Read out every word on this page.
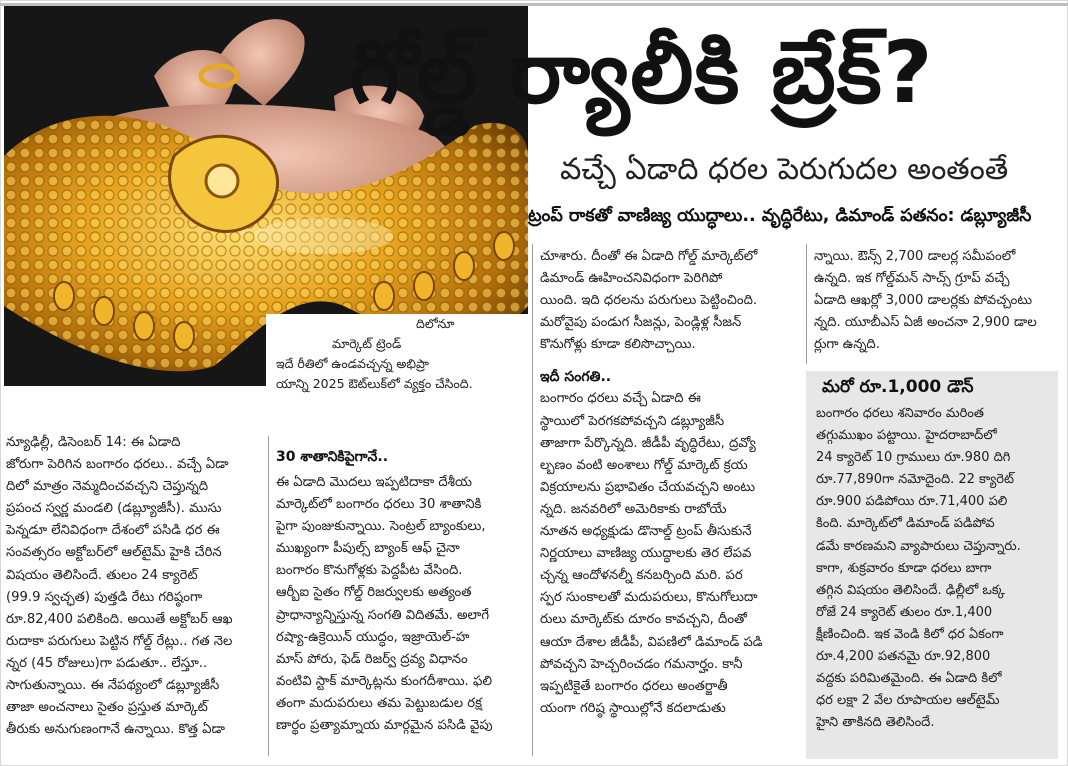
దిలోనూ
మార్కెట్ ట్రెండ్
ఇదే రీతిలో ఉండవచ్చన్న అభిప్రా
యాన్ని 2025 ఔట్‌లుక్‌లో వ్యక్తం చేసింది.
గోల్డ్ ర్యాలీకి బ్రేక్?
వచ్చే ఏడాది ధరల పెరుగుదల అంతంతే
ట్రంప్ రాకతో వాణిజ్య యుద్ధాలు.. వృద్ధిరేటు, డిమాండ్ పతనం: డబ్ల్యూజీసీ
న్యూఢిల్లీ, డిసెంబర్ 14: ఈ ఏడాది
జోరుగా పెరిగిన బంగారం ధరలు.. వచ్చే ఏడా
దిలో మాత్రం నెమ్మదించవచ్చని చెప్తున్నది
ప్రపంచ స్వర్ణ మండలి (డబ్ల్యూజీసీ). ముసు
పెన్నడూ లేనివిధంగా దేశంలో పసిడి ధర ఈ
సంవత్సరం అక్టోబర్‌లో ఆల్‌టైమ్ హైకి చేరిన
విషయం తెలిసిందే. తులం 24 క్యారెట్
(99.9 స్వచ్ఛత) పుత్తడి రేటు గరిష్ఠంగా
రూ.82,400 పలికింది. అయితే అక్టోబర్ ఆఖ
రుదాకా పరుగులు పెట్టిన గోల్డ్ రేట్లు.. గత నెల
న్నర (45 రోజులు)గా పడుతూ.. లేస్తూ..
సాగుతున్నాయి. ఈ నేపథ్యంలో డబ్ల్యూజీసీ
తాజా అంచనాలు సైతం ప్రస్తుత మార్కెట్
తీరుకు అనుగుణంగానే ఉన్నాయి. కొత్త ఏడా
30 శాతానికిపైగానే..
ఈ ఏడాది మొదలు ఇప్పటిదాకా దేశీయ
మార్కెట్‌లో బంగారం ధరలు 30 శాతానికి
పైగా పుంజుకున్నాయి. సెంట్రల్ బ్యాంకులు,
ముఖ్యంగా పీపుల్స్ బ్యాంక్ ఆఫ్ చైనా
బంగారం కొనుగోళ్లకు పెద్దపీట వేసింది.
ఆర్బీఐ సైతం గోల్డ్ రిజర్వులకు అత్యంత
ప్రాధాన్యాన్నిస్తున్న సంగతి విదితమే. అలాగే
రష్యా-ఉక్రెయిన్ యుద్ధం, ఇజ్రాయెల్-హ
మాస్ పోరు, ఫెడ్ రిజర్వ్ ద్రవ్య విధానం
వంటివి స్టాక్ మార్కెట్లను కుంగదీశాయి. ఫలి
తంగా మదుపరులు తమ పెట్టుబడుల రక్ష
ణార్థం ప్రత్యామ్నాయ మార్గమైన పసిడి వైపు
చూశారు. దీంతో ఈ ఏడాది గోల్డ్ మార్కెట్‌లో
డిమాండ్ ఊహించనివిధంగా పెరిగిపో
యింది. ఇది ధరలను పరుగులు పెట్టించింది.
మరోవైపు పండుగ సీజన్లు, పెండ్లిళ్ల సీజన్
కొనుగోళ్లు కూడా కలిసొచ్చాయి.
ఇదీ సంగతి..
బంగారం ధరలు వచ్చే ఏడాది ఈ
స్థాయిలో పెరగకపోవచ్చని డబ్ల్యూజీసీ
తాజాగా పేర్కొన్నది. జీడీపీ వృద్ధిరేటు, ద్రవ్యో
ల్బణం వంటి అంశాలు గోల్డ్ మార్కెట్ క్రయ
విక్రయాలను ప్రభావితం చేయవచ్చని అంటు
న్నది. జనవరిలో అమెరికాకు రాబోయే
నూతన అధ్యక్షుడు డొనాల్డ్ ట్రంప్ తీసుకునే
నిర్ణయాలు వాణిజ్య యుద్ధాలకు తెర లేపవ
చ్చన్న ఆందోళనల్నీ కనబర్చింది మరి. పర
స్పర సుంకాలతో మదుపరులు, కొనుగోలుదా
రులు మార్కెట్‌కు దూరం కావచ్చని, దీంతో
ఆయా దేశాల జీడీపీ, విపణిలో డిమాండ్ పడి
పోవచ్చని హెచ్చరించడం గమనార్హం. కానీ
ఇప్పటికైతే బంగారం ధరలు అంతర్జాతీ
యంగా గరిష్ఠ స్థాయిల్లోనే కదలాడుతు
న్నాయి. ఔన్స్ 2,700 డాలర్ల సమీపంలో
ఉన్నది. ఇక గోల్డ్‌మన్ సాచ్స్ గ్రూప్ వచ్చే
ఏడాది ఆఖర్లో 3,000 డాలర్లకు పోవచ్చంటు
న్నది. యూబీఎస్ ఏజీ అంచనా 2,900 డాల
ర్లుగా ఉన్నది.
మరో రూ.1,000 డౌన్
బంగారం ధరలు శనివారం మరింత
తగ్గుముఖం పట్టాయి. హైదరాబాద్‌లో
24 క్యారెట్ 10 గ్రాములు రూ.980 దిగి
రూ.77,890గా నమోదైంది. 22 క్యారెట్
రూ.900 పడిపోయి రూ.71,400 పలి
కింది. మార్కెట్‌లో డిమాండ్ పడిపోవ
డమే కారణమని వ్యాపారులు చెప్తున్నారు.
కాగా, శుక్రవారం కూడా ధరలు బాగా
తగ్గిన విషయం తెలిసిందే. ఢిల్లీలో ఒక్క
రోజే 24 క్యారెట్ తులం రూ.1,400
క్షీణించింది. ఇక వెండి కిలో ధర ఏకంగా
రూ.4,200 పతనమై రూ.92,800
వద్దకు పరిమితమైంది. ఈ ఏడాది కిలో
ధర లక్షా 2 వేల రూపాయల ఆల్‌టైమ్
హైని తాకినది తెలిసిందే.
